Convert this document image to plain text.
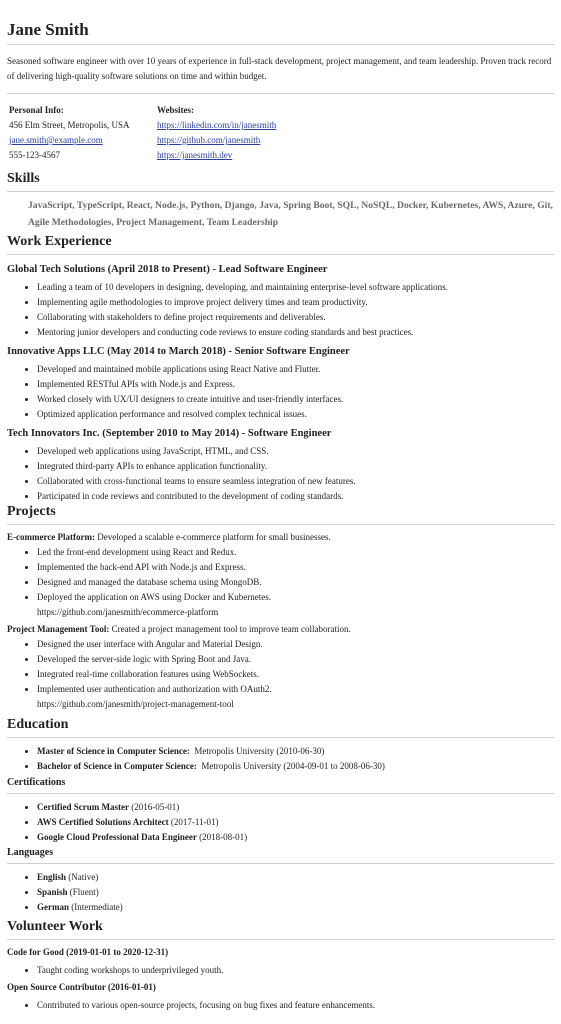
Jane Smith
Seasoned software engineer with over 10 years of experience in full-stack development, project management, and team leadership. Proven track record of delivering high-quality software solutions on time and within budget.
Personal Info:	Websites:
456 Elm Street, Metropolis, USA	https://linkedin.com/in/janesmith
jane.smith@example.com	https://github.com/janesmith
555-123-4567	https://janesmith.dev
Skills
JavaScript, TypeScript, React, Node.js, Python, Django, Java, Spring Boot, SQL, NoSQL, Docker, Kubernetes, AWS, Azure, Git, Agile Methodologies, Project Management, Team Leadership
Work Experience
Global Tech Solutions (April 2018 to Present) - Lead Software Engineer
• Leading a team of 10 developers in designing, developing, and maintaining enterprise-level software applications.
• Implementing agile methodologies to improve project delivery times and team productivity.
• Collaborating with stakeholders to define project requirements and deliverables.
• Mentoring junior developers and conducting code reviews to ensure coding standards and best practices.
Innovative Apps LLC (May 2014 to March 2018) - Senior Software Engineer
• Developed and maintained mobile applications using React Native and Flutter.
• Implemented RESTful APIs with Node.js and Express.
• Worked closely with UX/UI designers to create intuitive and user-friendly interfaces.
• Optimized application performance and resolved complex technical issues.
Tech Innovators Inc. (September 2010 to May 2014) - Software Engineer
• Developed web applications using JavaScript, HTML, and CSS.
• Integrated third-party APIs to enhance application functionality.
• Collaborated with cross-functional teams to ensure seamless integration of new features.
• Participated in code reviews and contributed to the development of coding standards.
Projects
E-commerce Platform: Developed a scalable e-commerce platform for small businesses.
• Led the front-end development using React and Redux.
• Implemented the back-end API with Node.js and Express.
• Designed and managed the database schema using MongoDB.
• Deployed the application on AWS using Docker and Kubernetes.
https://github.com/janesmith/ecommerce-platform
Project Management Tool: Created a project management tool to improve team collaboration.
• Designed the user interface with Angular and Material Design.
• Developed the server-side logic with Spring Boot and Java.
• Integrated real-time collaboration features using WebSockets.
• Implemented user authentication and authorization with OAuth2.
https://github.com/janesmith/project-management-tool
Education
• Master of Science in Computer Science: Metropolis University (2010-06-30)
• Bachelor of Science in Computer Science: Metropolis University (2004-09-01 to 2008-06-30)
Certifications
• Certified Scrum Master (2016-05-01)
• AWS Certified Solutions Architect (2017-11-01)
• Google Cloud Professional Data Engineer (2018-08-01)
Languages
• English (Native)
• Spanish (Fluent)
• German (Intermediate)
Volunteer Work
Code for Good (2019-01-01 to 2020-12-31)
• Taught coding workshops to underprivileged youth.
Open Source Contributor (2016-01-01)
• Contributed to various open-source projects, focusing on bug fixes and feature enhancements.
